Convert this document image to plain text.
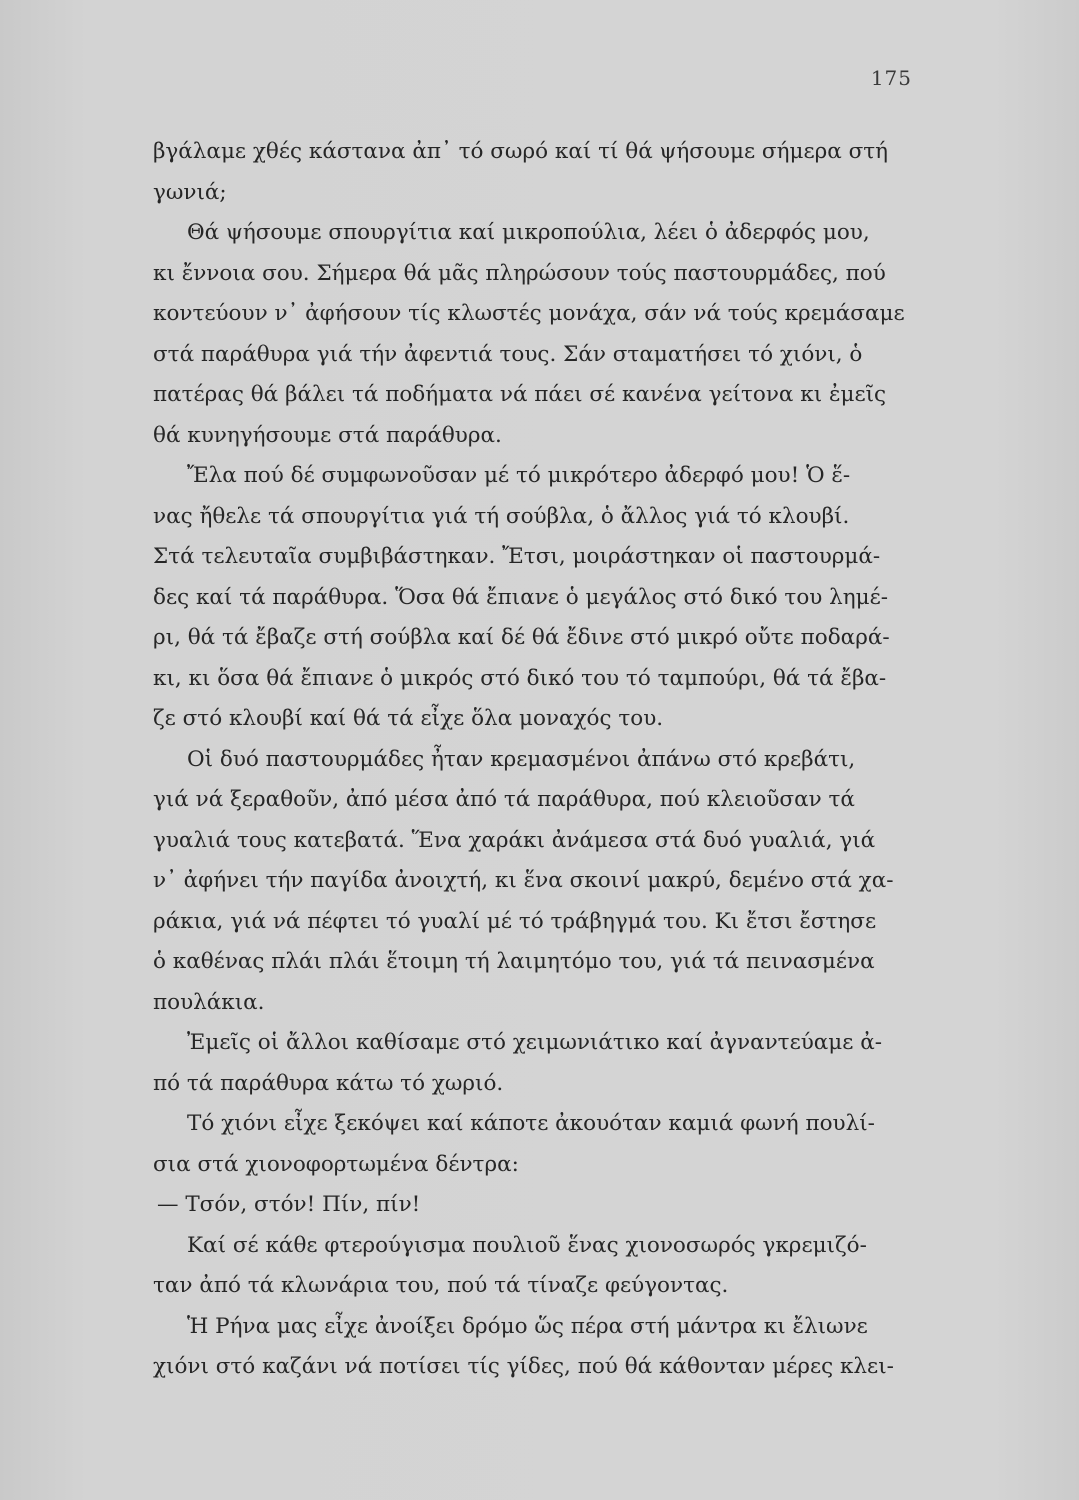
175
βγάλαμε χθές κάστανα ἀπ᾽ τό σωρό καί τί θά ψήσουμε σήμερα στή
γωνιά;
Θά ψήσουμε σπουργίτια καί μικροπούλια, λέει ὁ ἀδερφός μου,
κι ἔννοια σου. Σήμερα θά μᾶς πληρώσουν τούς παστουρμάδες, πού
κοντεύουν ν᾽ ἀφήσουν τίς κλωστές μονάχα, σάν νά τούς κρεμάσαμε
στά παράθυρα γιά τήν ἀφεντιά τους. Σάν σταματήσει τό χιόνι, ὁ
πατέρας θά βάλει τά ποδήματα νά πάει σέ κανένα γείτονα κι ἐμεῖς
θά κυνηγήσουμε στά παράθυρα.
Ἔλα πού δέ συμφωνοῦσαν μέ τό μικρότερο ἀδερφό μου! Ὁ ἕ-
νας ἤθελε τά σπουργίτια γιά τή σούβλα, ὁ ἄλλος γιά τό κλουβί.
Στά τελευταῖα συμβιβάστηκαν. Ἔτσι, μοιράστηκαν οἱ παστουρμά-
δες καί τά παράθυρα. Ὅσα θά ἔπιανε ὁ μεγάλος στό δικό του λημέ-
ρι, θά τά ἔβαζε στή σούβλα καί δέ θά ἔδινε στό μικρό οὔτε ποδαρά-
κι, κι ὅσα θά ἔπιανε ὁ μικρός στό δικό του τό ταμπούρι, θά τά ἔβα-
ζε στό κλουβί καί θά τά εἶχε ὅλα μοναχός του.
Οἱ δυό παστουρμάδες ἦταν κρεμασμένοι ἀπάνω στό κρεβάτι,
γιά νά ξεραθοῦν, ἀπό μέσα ἀπό τά παράθυρα, πού κλειοῦσαν τά
γυαλιά τους κατεβατά. Ἕνα χαράκι ἀνάμεσα στά δυό γυαλιά, γιά
ν᾽ ἀφήνει τήν παγίδα ἀνοιχτή, κι ἕνα σκοινί μακρύ, δεμένο στά χα-
ράκια, γιά νά πέφτει τό γυαλί μέ τό τράβηγμά του. Κι ἔτσι ἔστησε
ὁ καθένας πλάι πλάι ἕτοιμη τή λαιμητόμο του, γιά τά πεινασμένα
πουλάκια.
Ἐμεῖς οἱ ἄλλοι καθίσαμε στό χειμωνιάτικο καί ἀγναντεύαμε ἀ-
πό τά παράθυρα κάτω τό χωριό.
Τό χιόνι εἶχε ξεκόψει καί κάποτε ἀκουόταν καμιά φωνή πουλί-
σια στά χιονοφορτωμένα δέντρα:
— Τσόν, στόν! Πίν, πίν!
Καί σέ κάθε φτερούγισμα πουλιοῦ ἕνας χιονοσωρός γκρεμιζό-
ταν ἀπό τά κλωνάρια του, πού τά τίναζε φεύγοντας.
Ἡ Ρήνα μας εἶχε ἀνοίξει δρόμο ὥς πέρα στή μάντρα κι ἔλιωνε
χιόνι στό καζάνι νά ποτίσει τίς γίδες, πού θά κάθονταν μέρες κλει-
